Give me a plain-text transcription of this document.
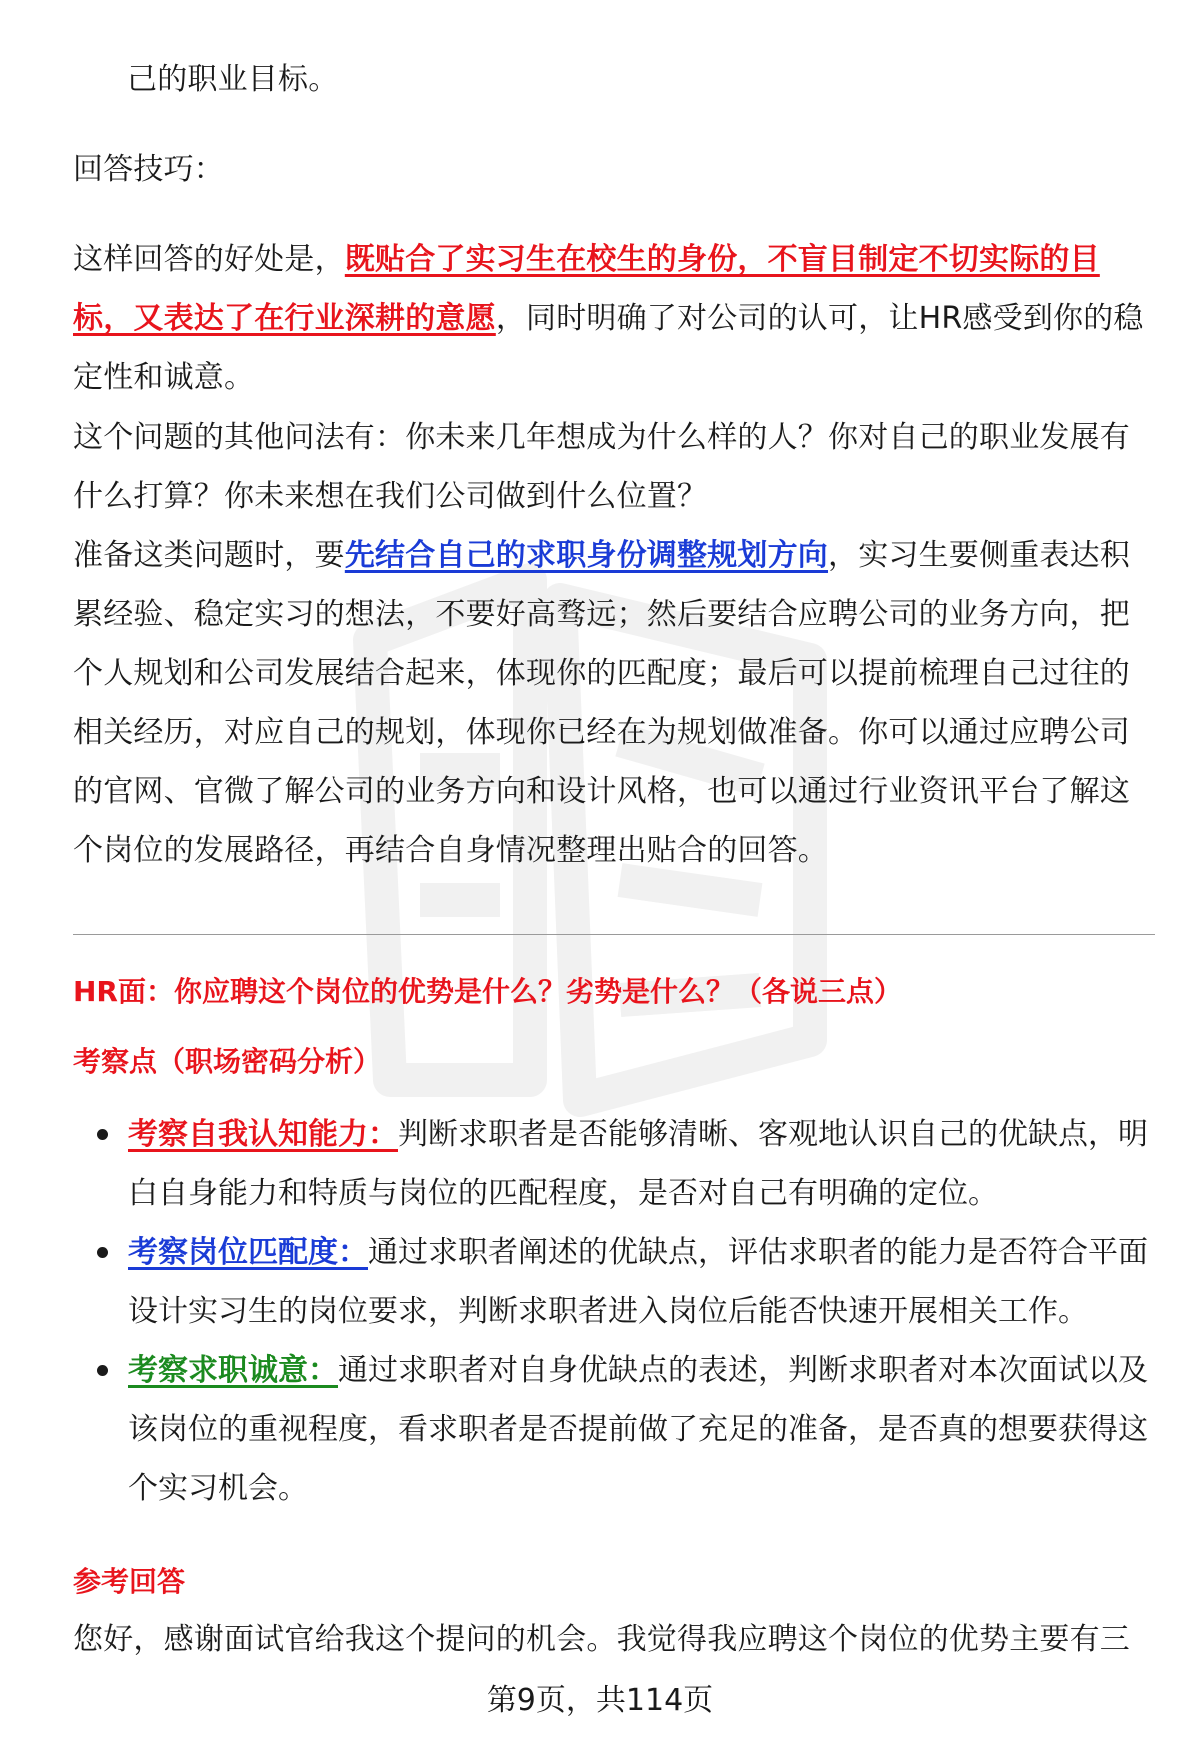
己的职业目标。

回答技巧：

这样回答的好处是，既贴合了实习生在校生的身份，不盲目制定不切实际的目标，又表达了在行业深耕的意愿，同时明确了对公司的认可，让HR感受到你的稳定性和诚意。

这个问题的其他问法有：你未来几年想成为什么样的人？你对自己的职业发展有什么打算？你未来想在我们公司做到什么位置？

准备这类问题时，要先结合自己的求职身份调整规划方向，实习生要侧重表达积累经验、稳定实习的想法，不要好高骛远；然后要结合应聘公司的业务方向，把个人规划和公司发展结合起来，体现你的匹配度；最后可以提前梳理自己过往的相关经历，对应自己的规划，体现你已经在为规划做准备。你可以通过应聘公司的官网、官微了解公司的业务方向和设计风格，也可以通过行业资讯平台了解这个岗位的发展路径，再结合自身情况整理出贴合的回答。

HR面：你应聘这个岗位的优势是什么？劣势是什么？（各说三点）

考察点（职场密码分析）

考察自我认知能力：判断求职者是否能够清晰、客观地认识自己的优缺点，明白自身能力和特质与岗位的匹配程度，是否对自己有明确的定位。
考察岗位匹配度：通过求职者阐述的优缺点，评估求职者的能力是否符合平面设计实习生的岗位要求，判断求职者进入岗位后能否快速开展相关工作。
考察求职诚意：通过求职者对自身优缺点的表述，判断求职者对本次面试以及该岗位的重视程度，看求职者是否提前做了充足的准备，是否真的想要获得这个实习机会。

参考回答

您好，感谢面试官给我这个提问的机会。我觉得我应聘这个岗位的优势主要有三

第9页，共114页
